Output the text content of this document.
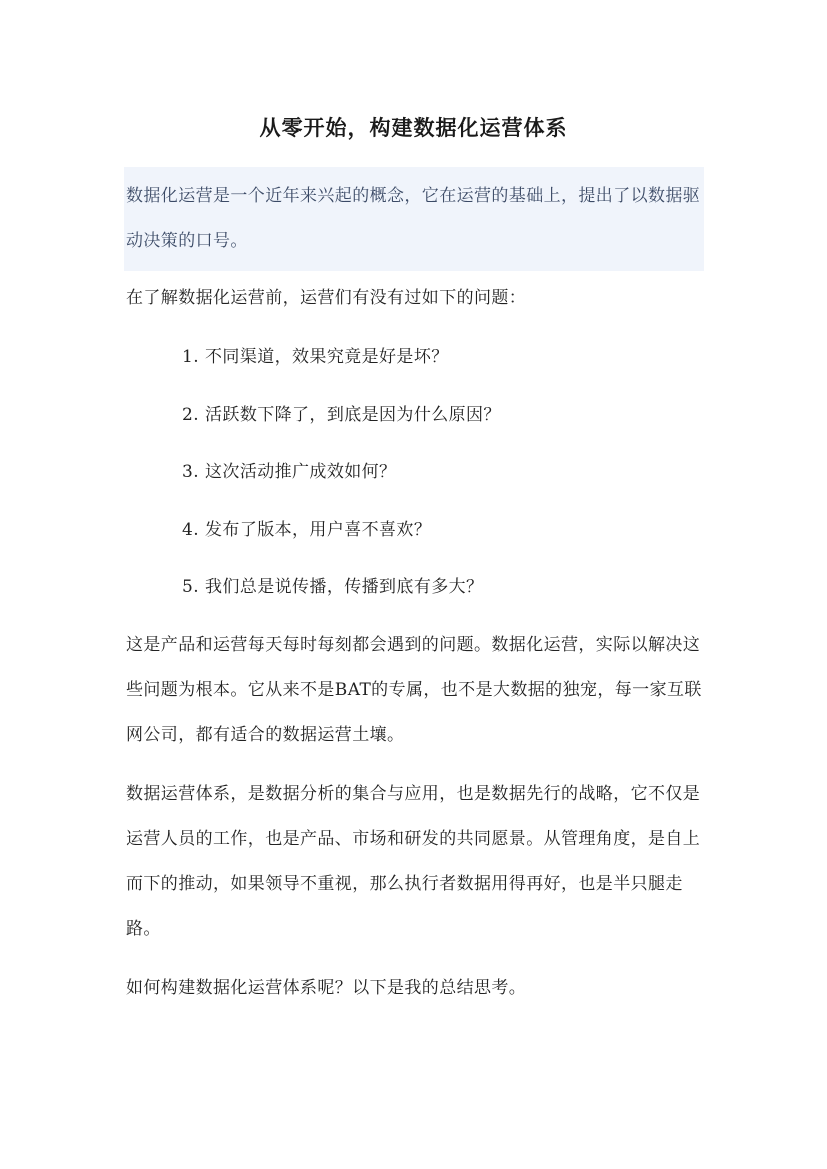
从零开始，构建数据化运营体系

数据化运营是一个近年来兴起的概念，它在运营的基础上，提出了以数据驱动决策的口号。

在了解数据化运营前，运营们有没有过如下的问题：

1. 不同渠道，效果究竟是好是坏？
2. 活跃数下降了，到底是因为什么原因？
3. 这次活动推广成效如何？
4. 发布了版本，用户喜不喜欢？
5. 我们总是说传播，传播到底有多大？

这是产品和运营每天每时每刻都会遇到的问题。数据化运营，实际以解决这些问题为根本。它从来不是BAT的专属，也不是大数据的独宠，每一家互联网公司，都有适合的数据运营土壤。

数据运营体系，是数据分析的集合与应用，也是数据先行的战略，它不仅是运营人员的工作，也是产品、市场和研发的共同愿景。从管理角度，是自上而下的推动，如果领导不重视，那么执行者数据用得再好，也是半只腿走路。

如何构建数据化运营体系呢？以下是我的总结思考。
